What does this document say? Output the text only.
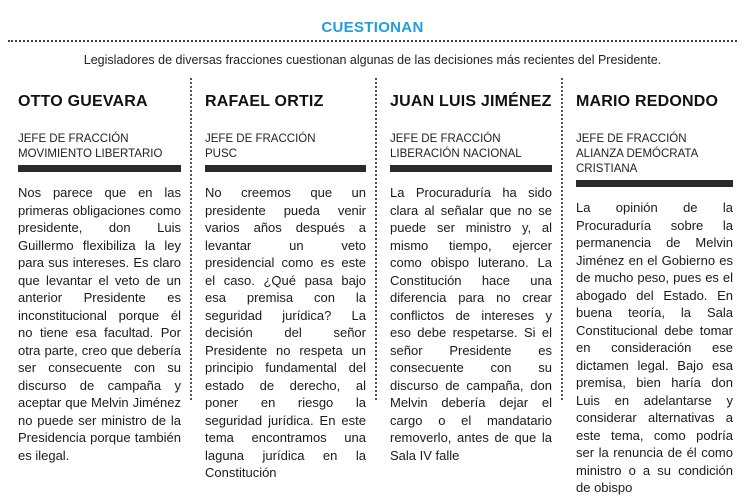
CUESTIONAN
Legisladores de diversas fracciones cuestionan algunas de las decisiones más recientes del Presidente.
OTTO GUEVARA
JEFE DE FRACCIÓN
MOVIMIENTO LIBERTARIO
Nos parece que en las primeras obligaciones como presidente, don Luis Guillermo flexibiliza la ley para sus intereses. Es claro que levantar el veto de un anterior Presidente es inconstitucional porque él no tiene esa facultad. Por otra parte, creo que debería ser consecuente con su discurso de campaña y aceptar que Melvin Jiménez no puede ser ministro de la Presidencia porque también es ilegal.
RAFAEL ORTIZ
JEFE DE FRACCIÓN
PUSC
No creemos que un presidente pueda venir varios años después a levantar un veto presidencial como es este el caso. ¿Qué pasa bajo esa premisa con la seguridad jurídica? La decisión del señor Presidente no respeta un principio fundamental del estado de derecho, al poner en riesgo la seguridad jurídica. En este tema encontramos una laguna jurídica en la Constitución
JUAN LUIS JIMÉNEZ
JEFE DE FRACCIÓN
LIBERACIÓN NACIONAL
La Procuraduría ha sido clara al señalar que no se puede ser ministro y, al mismo tiempo, ejercer como obispo luterano. La Constitución hace una diferencia para no crear conflictos de intereses y eso debe respetarse. Si el señor Presidente es consecuente con su discurso de campaña, don Melvin debería dejar el cargo o el mandatario removerlo, antes de que la Sala IV falle
MARIO REDONDO
JEFE DE FRACCIÓN
ALIANZA DEMÓCRATA CRISTIANA
La opinión de la Procuraduría sobre la permanencia de Melvin Jiménez en el Gobierno es de mucho peso, pues es el abogado del Estado. En buena teoría, la Sala Constitucional debe tomar en consideración ese dictamen legal. Bajo esa premisa, bien haría don Luis en adelantarse y considerar alternativas a este tema, como podría ser la renuncia de él como ministro o a su condición de obispo
